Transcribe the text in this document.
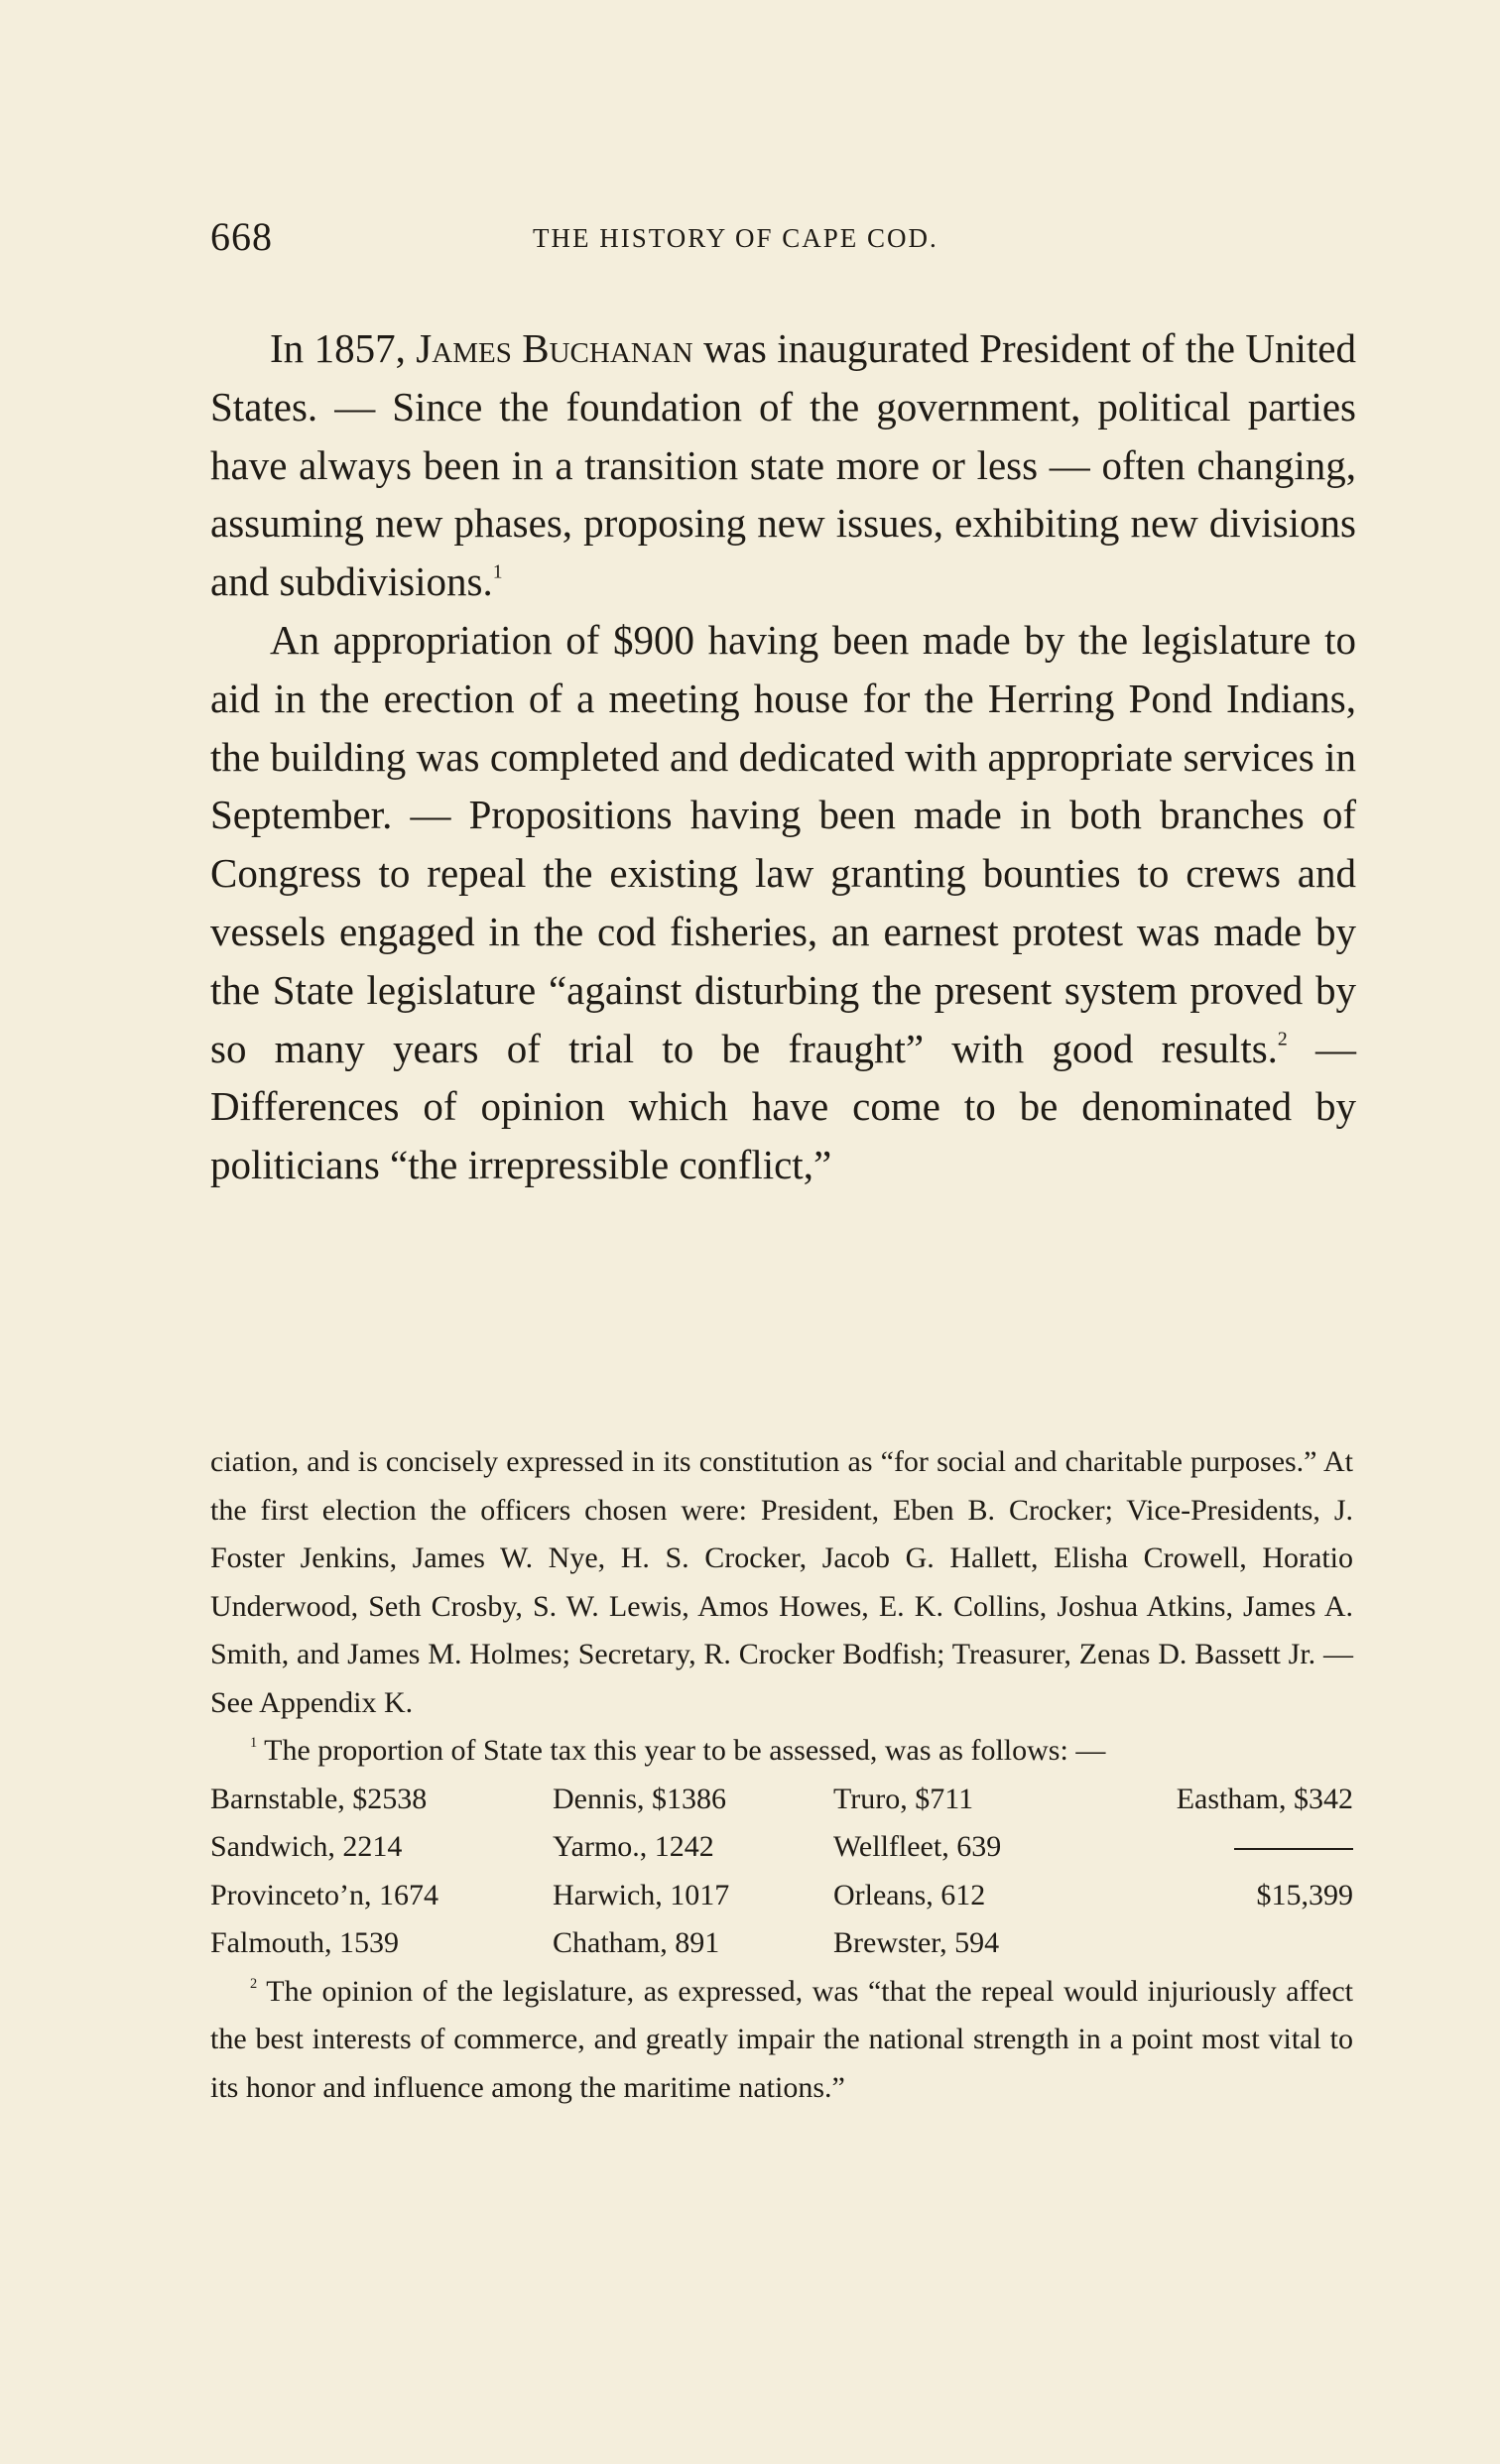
668	THE HISTORY OF CAPE COD.

In 1857, James Buchanan was inaugurated President of the United States. — Since the foundation of the government, political parties have always been in a transition state more or less — often changing, assuming new phases, proposing new issues, exhibiting new divisions and subdivisions.$^1$

An appropriation of $900 having been made by the legislature to aid in the erection of a meeting house for the Herring Pond Indians, the building was completed and dedicated with appropriate services in September. — Propositions having been made in both branches of Congress to repeal the existing law granting bounties to crews and vessels engaged in the cod fisheries, an earnest protest was made by the State legislature “against disturbing the present system proved by so many years of trial to be fraught” with good results.$^2$ — Differences of opinion which have come to be denominated by politicians “the irrepressible conflict,”

ciation, and is concisely expressed in its constitution as “for social and charitable purposes.” At the first election the officers chosen were: President, Eben B. Crocker; Vice-Presidents, J. Foster Jenkins, James W. Nye, H. S. Crocker, Jacob G. Hallett, Elisha Crowell, Horatio Underwood, Seth Crosby, S. W. Lewis, Amos Howes, E. K. Collins, Joshua Atkins, James A. Smith, and James M. Holmes; Secretary, R. Crocker Bodfish; Treasurer, Zenas D. Bassett Jr. — See Appendix K.

$^1$ The proportion of State tax this year to be assessed, was as follows: —

Barnstable, $2538	Dennis, $1386	Truro, $711	Eastham, $342
Sandwich, 2214	Yarmo., 1242	Wellfleet, 639	
Provinceto’n, 1674	Harwich, 1017	Orleans, 612	$15,399
Falmouth, 1539	Chatham, 891	Brewster, 594	

$^2$ The opinion of the legislature, as expressed, was “that the repeal would injuriously affect the best interests of commerce, and greatly impair the national strength in a point most vital to its honor and influence among the maritime nations.”
